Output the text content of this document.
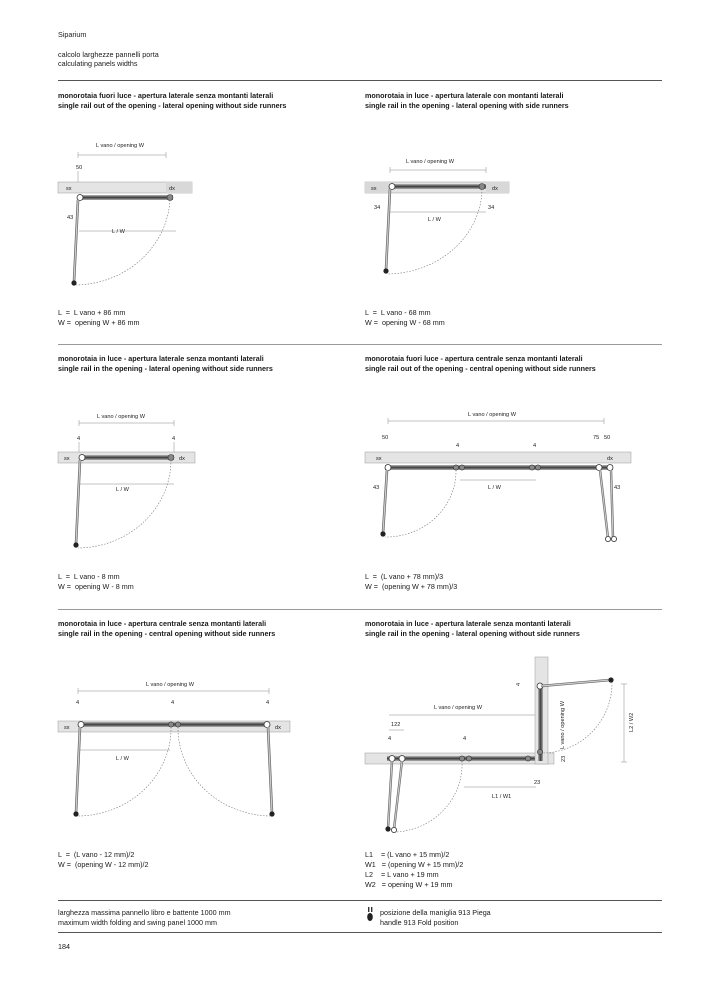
Siparium
calcolo larghezze pannelli porta
calculating panels widths
monorotaia fuori luce - apertura laterale senza montanti laterali
single rail out of the opening - lateral opening without side runners
monorotaia in luce - apertura laterale con montanti laterali
single rail in the opening - lateral opening with side runners
L  =  L vano + 86 mm
W =  opening W + 86 mm
L  =  L vano - 68 mm
W =  opening W - 68 mm
monorotaia in luce - apertura laterale senza montanti laterali
single rail in the opening - lateral opening without side runners
monorotaia fuori luce - apertura centrale senza montanti laterali
single rail out of the opening - central opening without side runners
L  =  L vano - 8 mm
W =  opening W - 8 mm
L  =  (L vano + 78 mm)/3
W =  (opening W + 78 mm)/3
monorotaia in luce - apertura centrale senza montanti laterali
single rail in the opening - central opening without side runners
monorotaia in luce - apertura laterale senza montanti laterali
single rail in the opening - lateral opening without side runners
L  =  (L vano - 12 mm)/2
W =  (opening W - 12 mm)/2
L1    = (L vano + 15 mm)/2
W1   = (opening W + 15 mm)/2
L2    = L vano + 19 mm
W2   = opening W + 19 mm
larghezza massima pannello libro e battente 1000 mm
maximum width folding and swing panel 1000 mm
posizione della maniglia 913 Piega
handle 913 Fold position
184
L vano / opening W
50
sx	dx
43
L / W
L vano / opening W
sx	dx
34	34
L / W
L vano / opening W
4	4
sx	dx
L / W
L vano / opening W
50
4	4
75 50
sx	dx
43	43
L / W
L vano / opening W
4	4	4
sx	dx
L / W
L vano / opening W
122
4	4
23
L1 / W1
4
L vano / opening W
23
L2 / W2
